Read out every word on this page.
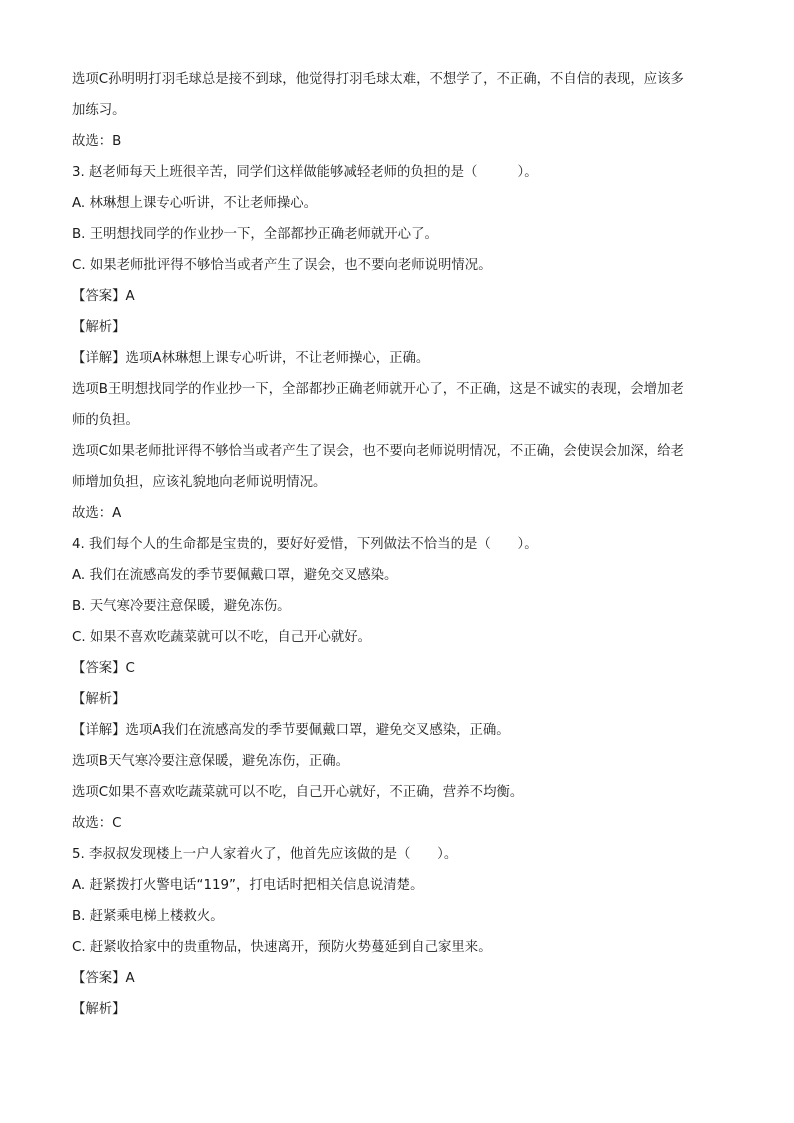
选项C孙明明打羽毛球总是接不到球，他觉得打羽毛球太难，不想学了，不正确，不自信的表现，应该多
加练习。
故选：B
3. 赵老师每天上班很辛苦，同学们这样做能够减轻老师的负担的是（　　　）。
A. 林琳想上课专心听讲，不让老师操心。
B. 王明想找同学的作业抄一下，全部都抄正确老师就开心了。
C. 如果老师批评得不够恰当或者产生了误会，也不要向老师说明情况。
【答案】A
【解析】
【详解】选项A林琳想上课专心听讲，不让老师操心，正确。
选项B王明想找同学的作业抄一下，全部都抄正确老师就开心了，不正确，这是不诚实的表现，会增加老
师的负担。
选项C如果老师批评得不够恰当或者产生了误会，也不要向老师说明情况，不正确，会使误会加深，给老
师增加负担，应该礼貌地向老师说明情况。
故选：A
4. 我们每个人的生命都是宝贵的，要好好爱惜，下列做法不恰当的是（　　）。
A. 我们在流感高发的季节要佩戴口罩，避免交叉感染。
B. 天气寒冷要注意保暖，避免冻伤。
C. 如果不喜欢吃蔬菜就可以不吃，自己开心就好。
【答案】C
【解析】
【详解】选项A我们在流感高发的季节要佩戴口罩，避免交叉感染，正确。
选项B天气寒冷要注意保暖，避免冻伤，正确。
选项C如果不喜欢吃蔬菜就可以不吃，自己开心就好，不正确，营养不均衡。
故选：C
5. 李叔叔发现楼上一户人家着火了，他首先应该做的是（　　）。
A. 赶紧拨打火警电话“119”，打电话时把相关信息说清楚。
B. 赶紧乘电梯上楼救火。
C. 赶紧收拾家中的贵重物品，快速离开，预防火势蔓延到自己家里来。
【答案】A
【解析】
